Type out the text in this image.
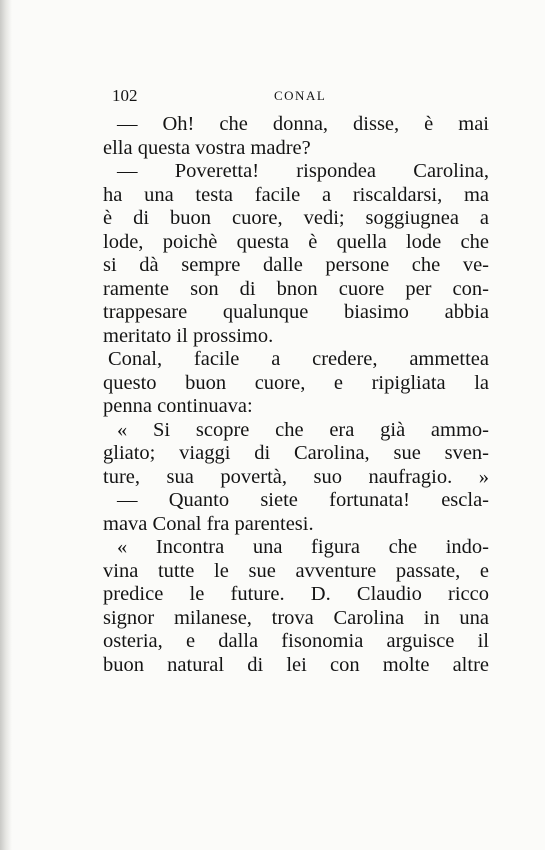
102	CONAL
— Oh! che donna, disse, è mai
ella questa vostra madre?
— Poveretta! rispondea Carolina,
ha una testa facile a riscaldarsi, ma
è di buon cuore, vedi; soggiugnea a
lode, poichè questa è quella lode che
si dà sempre dalle persone che ve-
ramente son di bnon cuore per con-
trappesare qualunque biasimo abbia
meritato il prossimo.
Conal, facile a credere, ammettea
questo buon cuore, e ripigliata la
penna continuava:
« Si scopre che era già ammo-
gliato; viaggi di Carolina, sue sven-
ture, sua povertà, suo naufragio. »
— Quanto siete fortunata! escla-
mava Conal fra parentesi.
« Incontra una figura che indo-
vina tutte le sue avventure passate, e
predice le future. D. Claudio ricco
signor milanese, trova Carolina in una
osteria, e dalla fisonomia arguisce il
buon natural di lei con molte altre
